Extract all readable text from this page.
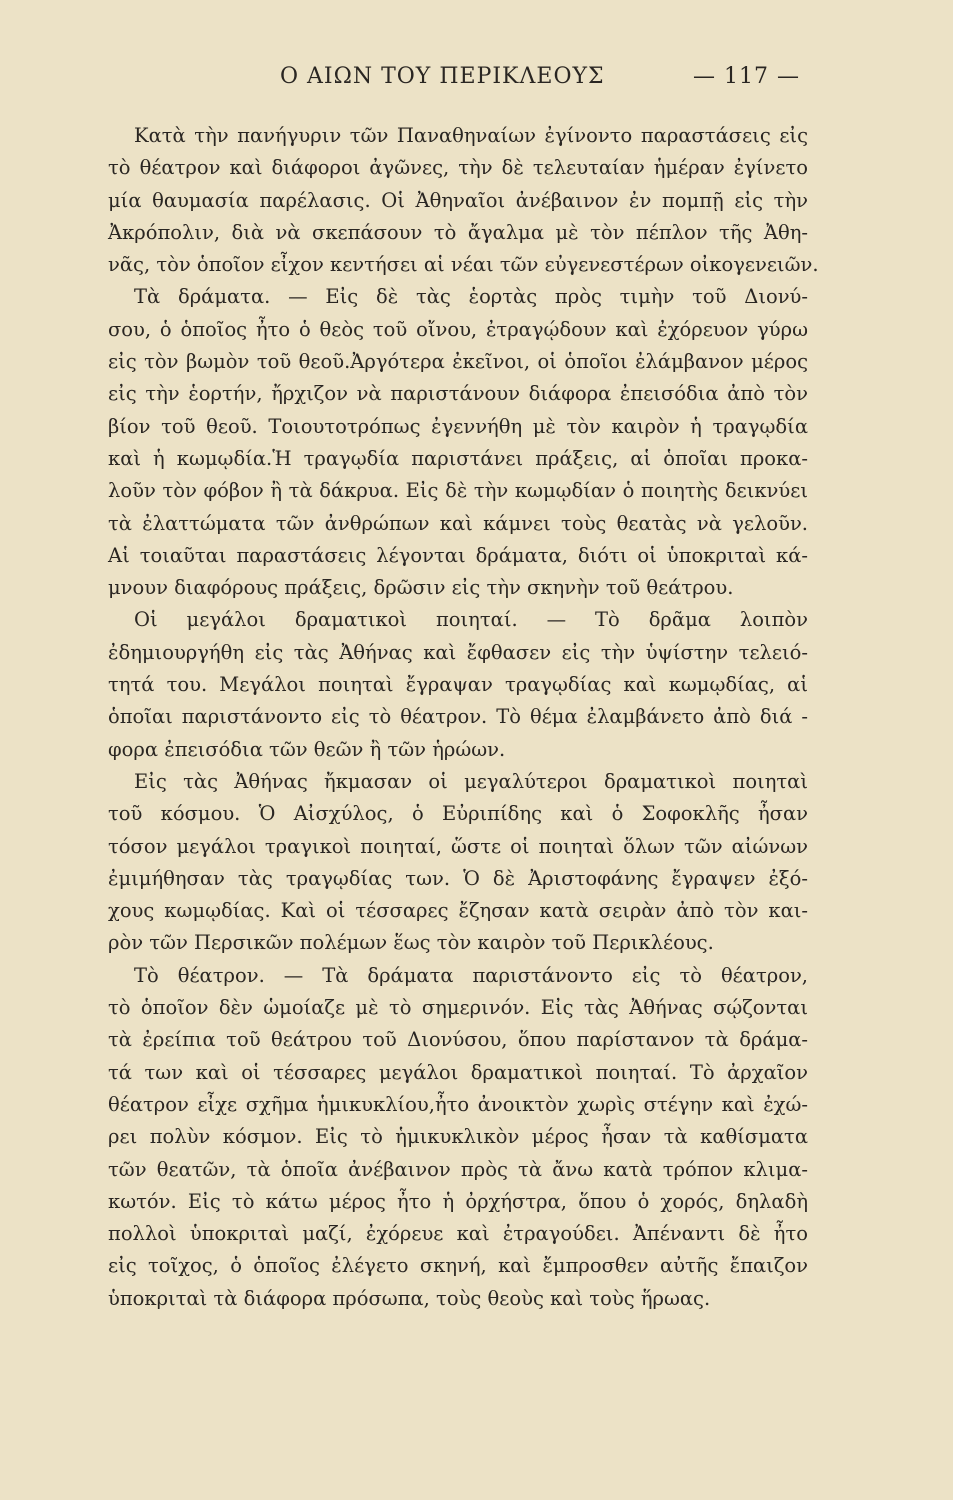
Ο ΑΙΩΝ ΤΟΥ ΠΕΡΙΚΛΕΟΥΣ	— 117 —
Κατὰ τὴν πανήγυριν τῶν Παναθηναίων ἐγίνοντο παραστάσεις εἰς
τὸ θέατρον καὶ διάφοροι ἀγῶνες, τὴν δὲ τελευταίαν ἡμέραν ἐγίνετο
μία θαυμασία παρέλασις. Οἱ Ἀθηναῖοι ἀνέβαινον ἐν πομπῇ εἰς τὴν
Ἀκρόπολιν, διὰ νὰ σκεπάσουν τὸ ἄγαλμα μὲ τὸν πέπλον τῆς Ἀθη-
νᾶς, τὸν ὁποῖον εἶχον κεντήσει αἱ νέαι τῶν εὐγενεστέρων οἰκογενειῶν.
Τὰ δράματα. — Εἰς δὲ τὰς ἑορτὰς πρὸς τιμὴν τοῦ Διονύ-
σου, ὁ ὁποῖος ἦτο ὁ θεὸς τοῦ οἴνου, ἐτραγῴδουν καὶ ἐχόρευον γύρω
εἰς τὸν βωμὸν τοῦ θεοῦ.Ἀργότερα ἐκεῖνοι, οἱ ὁποῖοι ἐλάμβανον μέρος
εἰς τὴν ἑορτήν, ἤρχιζον νὰ παριστάνουν διάφορα ἐπεισόδια ἀπὸ τὸν
βίον τοῦ θεοῦ. Τοιουτοτρόπως ἐγεννήθη μὲ τὸν καιρὸν ἡ τραγῳδία
καὶ ἡ κωμῳδία.Ἡ τραγῳδία παριστάνει πράξεις, αἱ ὁποῖαι προκα-
λοῦν τὸν φόβον ἢ τὰ δάκρυα. Εἰς δὲ τὴν κωμῳδίαν ὁ ποιητὴς δεικνύει
τὰ ἐλαττώματα τῶν ἀνθρώπων καὶ κάμνει τοὺς θεατὰς νὰ γελοῦν.
Αἱ τοιαῦται παραστάσεις λέγονται δράματα, διότι οἱ ὑποκριταὶ κά-
μνουν διαφόρους πράξεις, δρῶσιν εἰς τὴν σκηνὴν τοῦ θεάτρου.
Οἱ μεγάλοι δραματικοὶ ποιηταί. — Τὸ δρᾶμα λοιπὸν
ἐδημιουργήθη εἰς τὰς Ἀθήνας καὶ ἔφθασεν εἰς τὴν ὑψίστην τελειό-
τητά του. Μεγάλοι ποιηταὶ ἔγραψαν τραγῳδίας καὶ κωμῳδίας, αἱ
ὁποῖαι παριστάνοντο εἰς τὸ θέατρον. Τὸ θέμα ἐλαμβάνετο ἀπὸ διά -
φορα ἐπεισόδια τῶν θεῶν ἢ τῶν ἡρώων.
Εἰς τὰς Ἀθήνας ἤκμασαν οἱ μεγαλύτεροι δραματικοὶ ποιηταὶ
τοῦ κόσμου. Ὁ Αἰσχύλος, ὁ Εὐριπίδης καὶ ὁ Σοφοκλῆς ἦσαν
τόσον μεγάλοι τραγικοὶ ποιηταί, ὥστε οἱ ποιηταὶ ὅλων τῶν αἰώνων
ἐμιμήθησαν τὰς τραγῳδίας των. Ὁ δὲ Ἀριστοφάνης ἔγραψεν ἐξό-
χους κωμῳδίας. Καὶ οἱ τέσσαρες ἔζησαν κατὰ σειρὰν ἀπὸ τὸν και-
ρὸν τῶν Περσικῶν πολέμων ἕως τὸν καιρὸν τοῦ Περικλέους.
Τὸ θέατρον. — Τὰ δράματα παριστάνοντο εἰς τὸ θέατρον,
τὸ ὁποῖον δὲν ὡμοίαζε μὲ τὸ σημερινόν. Εἰς τὰς Ἀθήνας σῴζονται
τὰ ἐρείπια τοῦ θεάτρου τοῦ Διονύσου, ὅπου παρίστανον τὰ δράμα-
τά των καὶ οἱ τέσσαρες μεγάλοι δραματικοὶ ποιηταί. Τὸ ἀρχαῖον
θέατρον εἶχε σχῆμα ἡμικυκλίου,ἦτο ἀνοικτὸν χωρὶς στέγην καὶ ἐχώ-
ρει πολὺν κόσμον. Εἰς τὸ ἡμικυκλικὸν μέρος ἦσαν τὰ καθίσματα
τῶν θεατῶν, τὰ ὁποῖα ἀνέβαινον πρὸς τὰ ἄνω κατὰ τρόπον κλιμα-
κωτόν. Εἰς τὸ κάτω μέρος ἦτο ἡ ὀρχήστρα, ὅπου ὁ χορός, δηλαδὴ
πολλοὶ ὑποκριταὶ μαζί, ἐχόρευε καὶ ἐτραγούδει. Ἀπέναντι δὲ ἦτο
εἰς τοῖχος, ὁ ὁποῖος ἐλέγετο σκηνή, καὶ ἔμπροσθεν αὐτῆς ἔπαιζον
ὑποκριταὶ τὰ διάφορα πρόσωπα, τοὺς θεοὺς καὶ τοὺς ἥρωας.
